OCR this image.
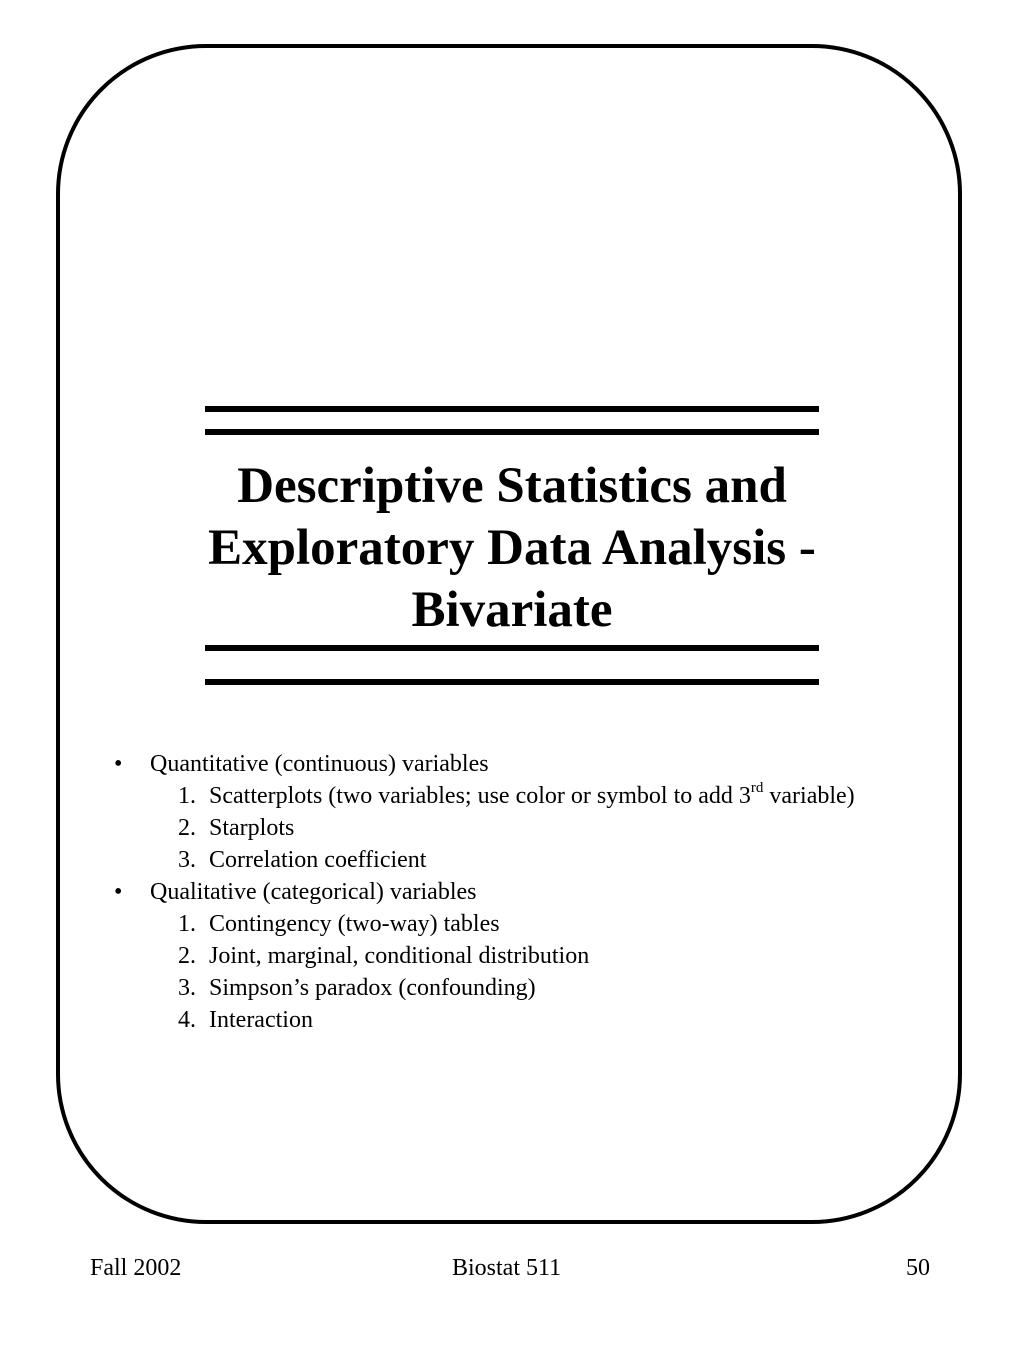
Descriptive Statistics and
Exploratory Data Analysis -
Bivariate
• Quantitative (continuous) variables
1. Scatterplots (two variables; use color or symbol to add 3rd variable)
2. Starplots
3. Correlation coefficient
• Qualitative (categorical) variables
1. Contingency (two-way) tables
2. Joint, marginal, conditional distribution
3. Simpson’s paradox (confounding)
4. Interaction
Fall 2002	Biostat 511	50
